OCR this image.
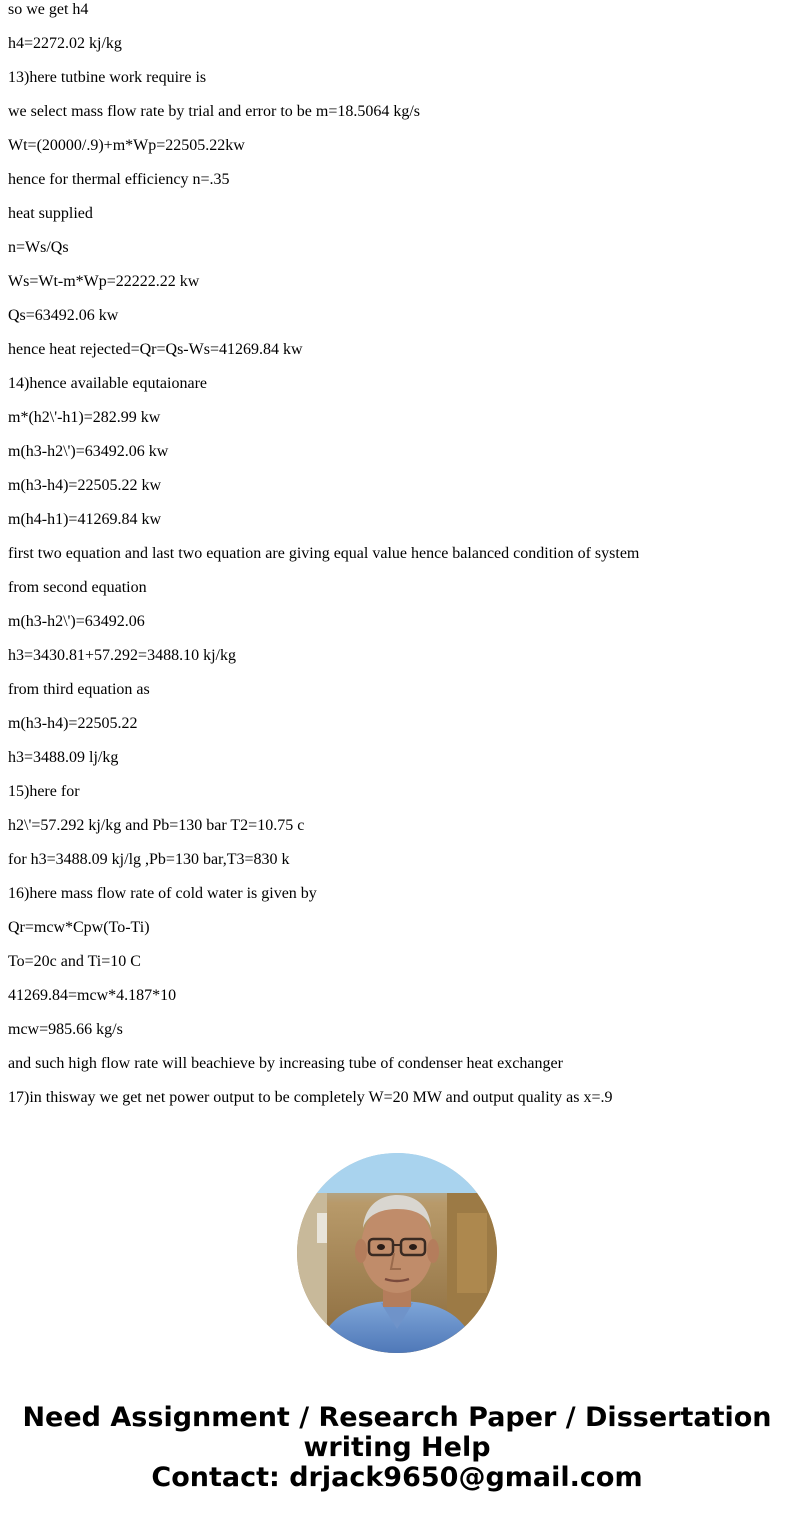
so we get h4

h4=2272.02 kj/kg

13)here tutbine work require is

we select mass flow rate by trial and error to be m=18.5064 kg/s

Wt=(20000/.9)+m*Wp=22505.22kw

hence for thermal efficiency n=.35

heat supplied

n=Ws/Qs

Ws=Wt-m*Wp=22222.22 kw

Qs=63492.06 kw

hence heat rejected=Qr=Qs-Ws=41269.84 kw

14)hence available equtaionare

m*(h2\'-h1)=282.99 kw

m(h3-h2\')=63492.06 kw

m(h3-h4)=22505.22 kw

m(h4-h1)=41269.84 kw

first two equation and last two equation are giving equal value hence balanced condition of system

from second equation

m(h3-h2\')=63492.06

h3=3430.81+57.292=3488.10 kj/kg

from third equation as

m(h3-h4)=22505.22

h3=3488.09 lj/kg

15)here for

h2\'=57.292 kj/kg and Pb=130 bar T2=10.75 c

for h3=3488.09 kj/lg ,Pb=130 bar,T3=830 k

16)here mass flow rate of cold water is given by

Qr=mcw*Cpw(To-Ti)

To=20c and Ti=10 C

41269.84=mcw*4.187*10

mcw=985.66 kg/s

and such high flow rate will beachieve by increasing tube of condenser heat exchanger

17)in thisway we get net power output to be completely W=20 MW and output quality as x=.9

Need Assignment / Research Paper / Dissertation
writing Help
Contact: drjack9650@gmail.com
